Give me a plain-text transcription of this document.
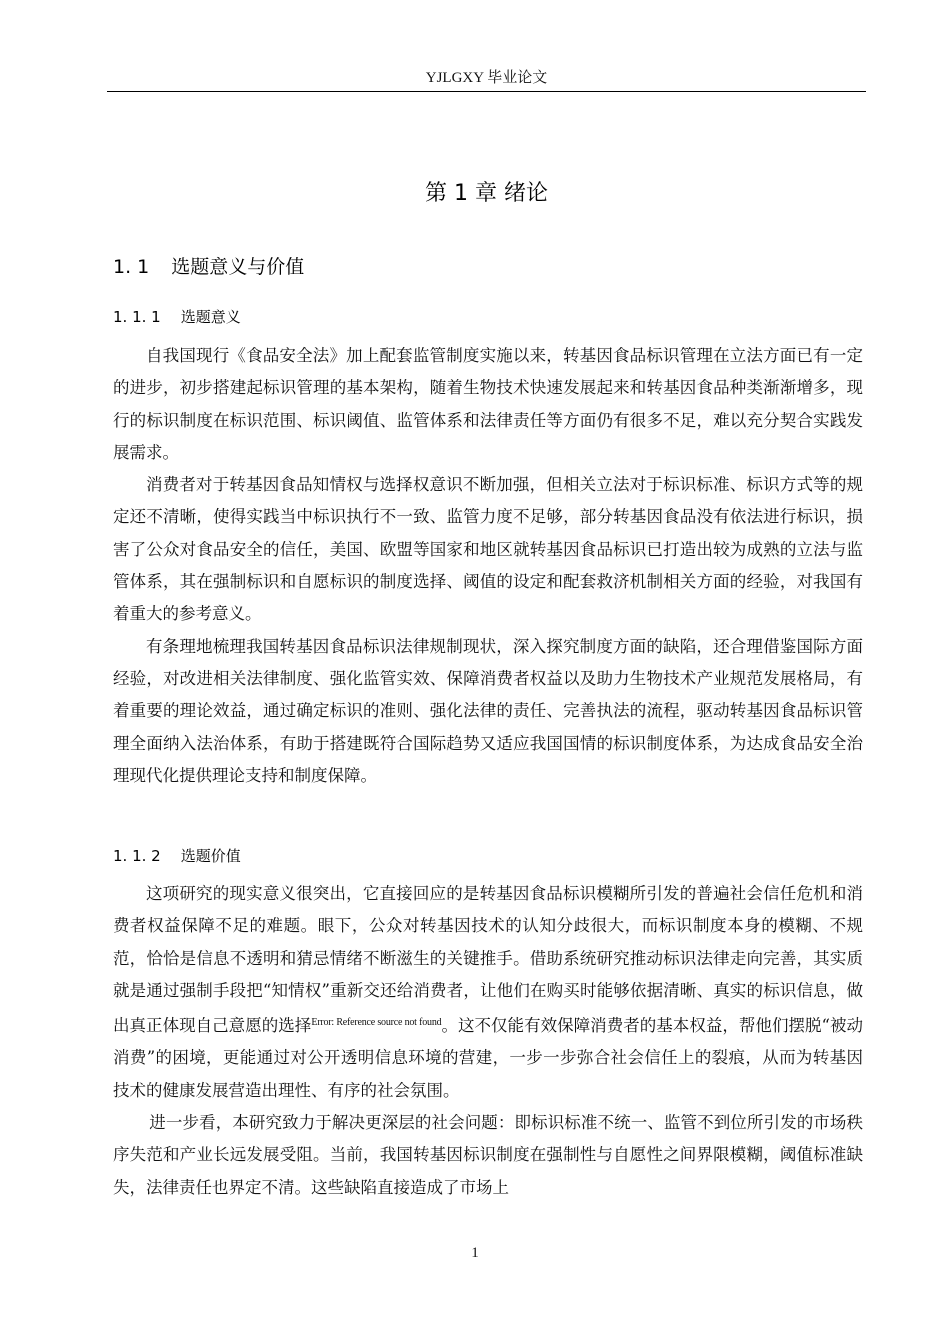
YJLGXY 毕业论文
第 1 章 绪论
1. 1 选题意义与价值
1. 1. 1 选题意义

自我国现行《食品安全法》加上配套监管制度实施以来，转基因食品标识管理在立法方面已有一定的进步，初步搭建起标识管理的基本架构，随着生物技术快速发展起来和转基因食品种类渐渐增多，现行的标识制度在标识范围、标识阈值、监管体系和法律责任等方面仍有很多不足，难以充分契合实践发展需求。

消费者对于转基因食品知情权与选择权意识不断加强，但相关立法对于标识标准、标识方式等的规定还不清晰，使得实践当中标识执行不一致、监管力度不足够，部分转基因食品没有依法进行标识，损害了公众对食品安全的信任，美国、欧盟等国家和地区就转基因食品标识已打造出较为成熟的立法与监管体系，其在强制标识和自愿标识的制度选择、阈值的设定和配套救济机制相关方面的经验，对我国有着重大的参考意义。

有条理地梳理我国转基因食品标识法律规制现状，深入探究制度方面的缺陷，还合理借鉴国际方面经验，对改进相关法律制度、强化监管实效、保障消费者权益以及助力生物技术产业规范发展格局，有着重要的理论效益，通过确定标识的准则、强化法律的责任、完善执法的流程，驱动转基因食品标识管理全面纳入法治体系，有助于搭建既符合国际趋势又适应我国国情的标识制度体系，为达成食品安全治理现代化提供理论支持和制度保障。

1. 1. 2 选题价值

这项研究的现实意义很突出，它直接回应的是转基因食品标识模糊所引发的普遍社会信任危机和消费者权益保障不足的难题。眼下，公众对转基因技术的认知分歧很大，而标识制度本身的模糊、不规范，恰恰是信息不透明和猜忌情绪不断滋生的关键推手。借助系统研究推动标识法律走向完善，其实质就是通过强制手段把“知情权”重新交还给消费者，让他们在购买时能够依据清晰、真实的标识信息，做出真正体现自己意愿的选择$^{Error: Reference source not found}$。这不仅能有效保障消费者的基本权益，帮他们摆脱“被动消费”的困境，更能通过对公开透明信息环境的营建，一步一步弥合社会信任上的裂痕，从而为转基因技术的健康发展营造出理性、有序的社会氛围。

进一步看，本研究致力于解决更深层的社会问题：即标识标准不统一、监管不到位所引发的市场秩序失范和产业长远发展受阻。当前，我国转基因标识制度在强制性与自愿性之间界限模糊，阈值标准缺失，法律责任也界定不清。这些缺陷直接造成了市场上

1
